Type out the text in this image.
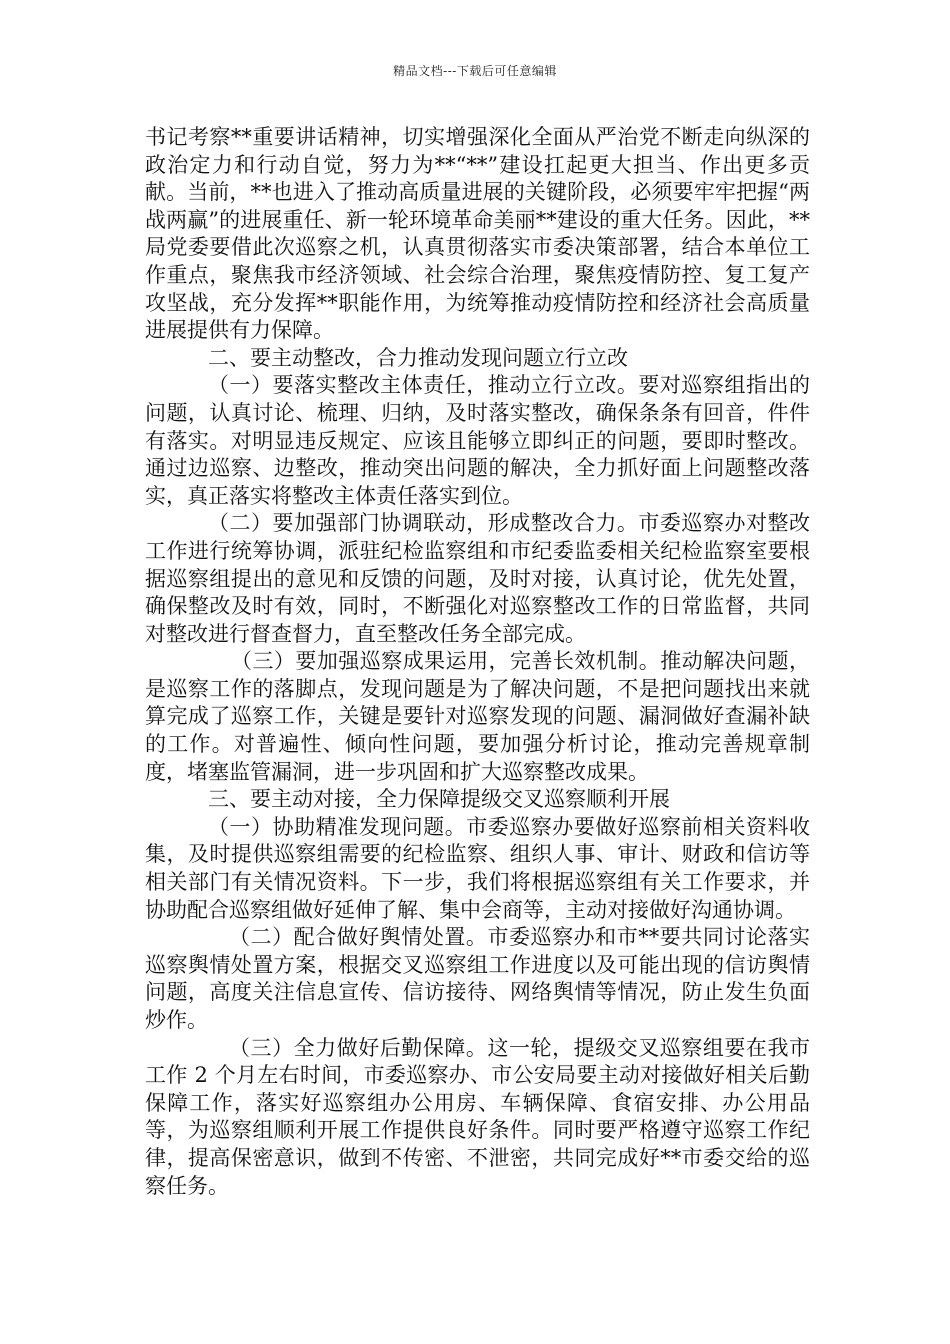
精品文档---下载后可任意编辑

书记考察**重要讲话精神，切实增强深化全面从严治党不断走向纵深的政治定力和行动自觉，努力为**“**”建设扛起更大担当、作出更多贡献。当前，**也进入了推动高质量进展的关键阶段，必须要牢牢把握“两战两赢”的进展重任、新一轮环境革命美丽**建设的重大任务。因此，**局党委要借此次巡察之机，认真贯彻落实市委决策部署，结合本单位工作重点，聚焦我市经济领域、社会综合治理，聚焦疫情防控、复工复产攻坚战，充分发挥**职能作用，为统筹推动疫情防控和经济社会高质量进展提供有力保障。

二、要主动整改，合力推动发现问题立行立改

（一）要落实整改主体责任，推动立行立改。要对巡察组指出的问题，认真讨论、梳理、归纳，及时落实整改，确保条条有回音，件件有落实。对明显违反规定、应该且能够立即纠正的问题，要即时整改。通过边巡察、边整改，推动突出问题的解决，全力抓好面上问题整改落实，真正落实将整改主体责任落实到位。

（二）要加强部门协调联动，形成整改合力。市委巡察办对整改工作进行统筹协调，派驻纪检监察组和市纪委监委相关纪检监察室要根据巡察组提出的意见和反馈的问题，及时对接，认真讨论，优先处置，确保整改及时有效，同时，不断强化对巡察整改工作的日常监督，共同对整改进行督查督力，直至整改任务全部完成。

（三）要加强巡察成果运用，完善长效机制。推动解决问题，是巡察工作的落脚点，发现问题是为了解决问题，不是把问题找出来就算完成了巡察工作，关键是要针对巡察发现的问题、漏洞做好查漏补缺的工作。对普遍性、倾向性问题，要加强分析讨论，推动完善规章制度，堵塞监管漏洞，进一步巩固和扩大巡察整改成果。

三、要主动对接，全力保障提级交叉巡察顺利开展

（一）协助精准发现问题。市委巡察办要做好巡察前相关资料收集，及时提供巡察组需要的纪检监察、组织人事、审计、财政和信访等相关部门有关情况资料。下一步，我们将根据巡察组有关工作要求，并协助配合巡察组做好延伸了解、集中会商等，主动对接做好沟通协调。

（二）配合做好舆情处置。市委巡察办和市**要共同讨论落实巡察舆情处置方案，根据交叉巡察组工作进度以及可能出现的信访舆情问题，高度关注信息宣传、信访接待、网络舆情等情况，防止发生负面炒作。

（三）全力做好后勤保障。这一轮，提级交叉巡察组要在我市工作 2 个月左右时间，市委巡察办、市公安局要主动对接做好相关后勤保障工作，落实好巡察组办公用房、车辆保障、食宿安排、办公用品等，为巡察组顺利开展工作提供良好条件。同时要严格遵守巡察工作纪律，提高保密意识，做到不传密、不泄密，共同完成好**市委交给的巡察任务。
